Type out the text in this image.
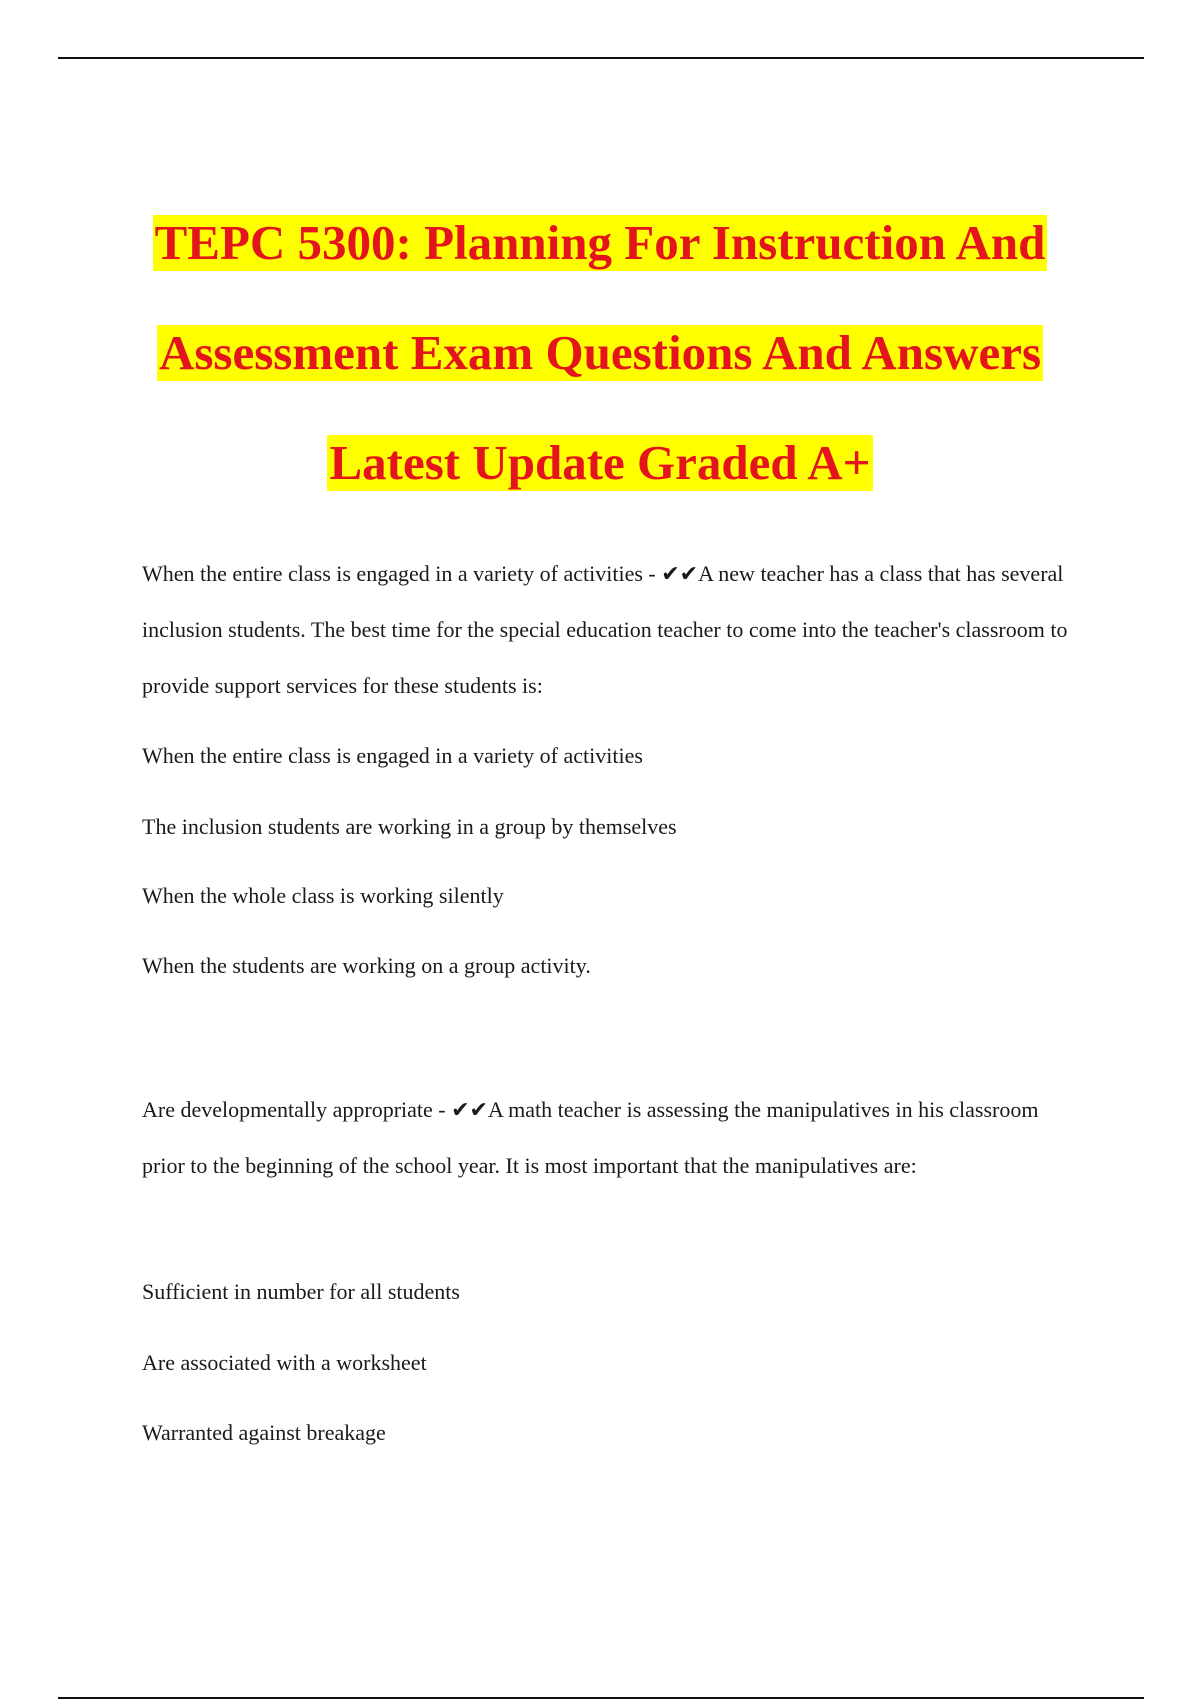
TEPC 5300: Planning For Instruction And
Assessment Exam Questions And Answers
Latest Update Graded A+
When the entire class is engaged in a variety of activities - ✔✔A new teacher has a class that has several inclusion students. The best time for the special education teacher to come into the teacher's classroom to provide support services for these students is:
When the entire class is engaged in a variety of activities
The inclusion students are working in a group by themselves
When the whole class is working silently
When the students are working on a group activity.
Are developmentally appropriate - ✔✔A math teacher is assessing the manipulatives in his classroom prior to the beginning of the school year. It is most important that the manipulatives are:
Sufficient in number for all students
Are associated with a worksheet
Warranted against breakage
